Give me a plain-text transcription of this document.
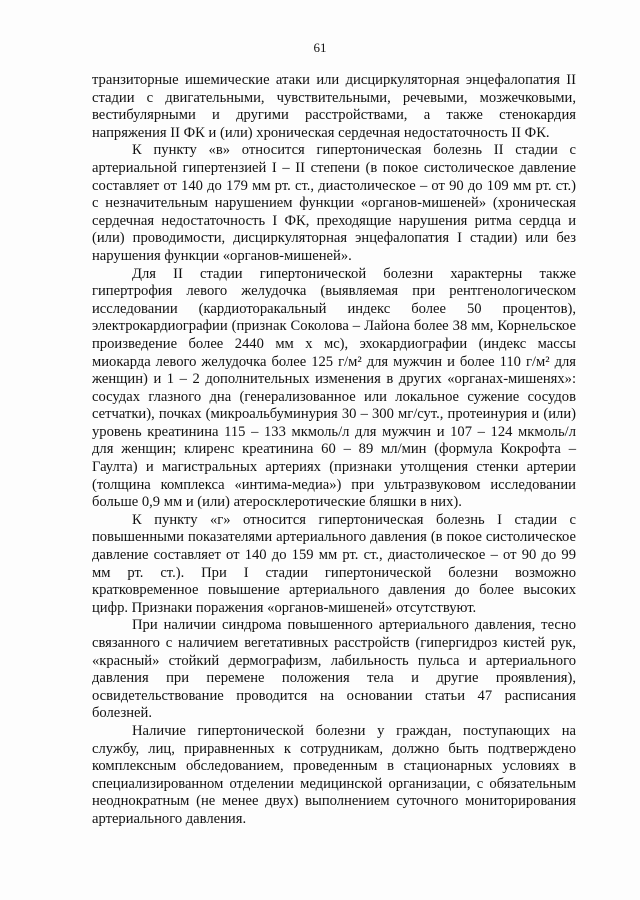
61

транзиторные ишемические атаки или дисциркуляторная энцефалопатия II стадии с двигательными, чувствительными, речевыми, мозжечковыми, вестибулярными и другими расстройствами, а также стенокардия напряжения II ФК и (или) хроническая сердечная недостаточность II ФК.

К пункту «в» относится гипертоническая болезнь II стадии с артериальной гипертензией I – II степени (в покое систолическое давление составляет от 140 до 179 мм рт. ст., диастолическое – от 90 до 109 мм рт. ст.) с незначительным нарушением функции «органов-мишеней» (хроническая сердечная недостаточность I ФК, преходящие нарушения ритма сердца и (или) проводимости, дисциркуляторная энцефалопатия I стадии) или без нарушения функции «органов-мишеней».

Для II стадии гипертонической болезни характерны также гипертрофия левого желудочка (выявляемая при рентгенологическом исследовании (кардиоторакальный индекс более 50 процентов), электрокардиографии (признак Соколова – Лайона более 38 мм, Корнельское произведение более 2440 мм х мс), эхокардиографии (индекс массы миокарда левого желудочка более 125 г/м² для мужчин и более 110 г/м² для женщин) и 1 – 2 дополнительных изменения в других «органах-мишенях»: сосудах глазного дна (генерализованное или локальное сужение сосудов сетчатки), почках (микроальбуминурия 30 – 300 мг/сут., протеинурия и (или) уровень креатинина 115 – 133 мкмоль/л для мужчин и 107 – 124 мкмоль/л для женщин; клиренс креатинина 60 – 89 мл/мин (формула Кокрофта – Гаулта) и магистральных артериях (признаки утолщения стенки артерии (толщина комплекса «интима-медиа») при ультразвуковом исследовании больше 0,9 мм и (или) атеросклеротические бляшки в них).

К пункту «г» относится гипертоническая болезнь I стадии с повышенными показателями артериального давления (в покое систолическое давление составляет от 140 до 159 мм рт. ст., диастолическое – от 90 до 99 мм рт. ст.). При I стадии гипертонической болезни возможно кратковременное повышение артериального давления до более высоких цифр. Признаки поражения «органов-мишеней» отсутствуют.

При наличии синдрома повышенного артериального давления, тесно связанного с наличием вегетативных расстройств (гипергидроз кистей рук, «красный» стойкий дермографизм, лабильность пульса и артериального давления при перемене положения тела и другие проявления), освидетельствование проводится на основании статьи 47 расписания болезней.

Наличие гипертонической болезни у граждан, поступающих на службу, лиц, приравненных к сотрудникам, должно быть подтверждено комплексным обследованием, проведенным в стационарных условиях в специализированном отделении медицинской организации, с обязательным неоднократным (не менее двух) выполнением суточного мониторирования артериального давления.
